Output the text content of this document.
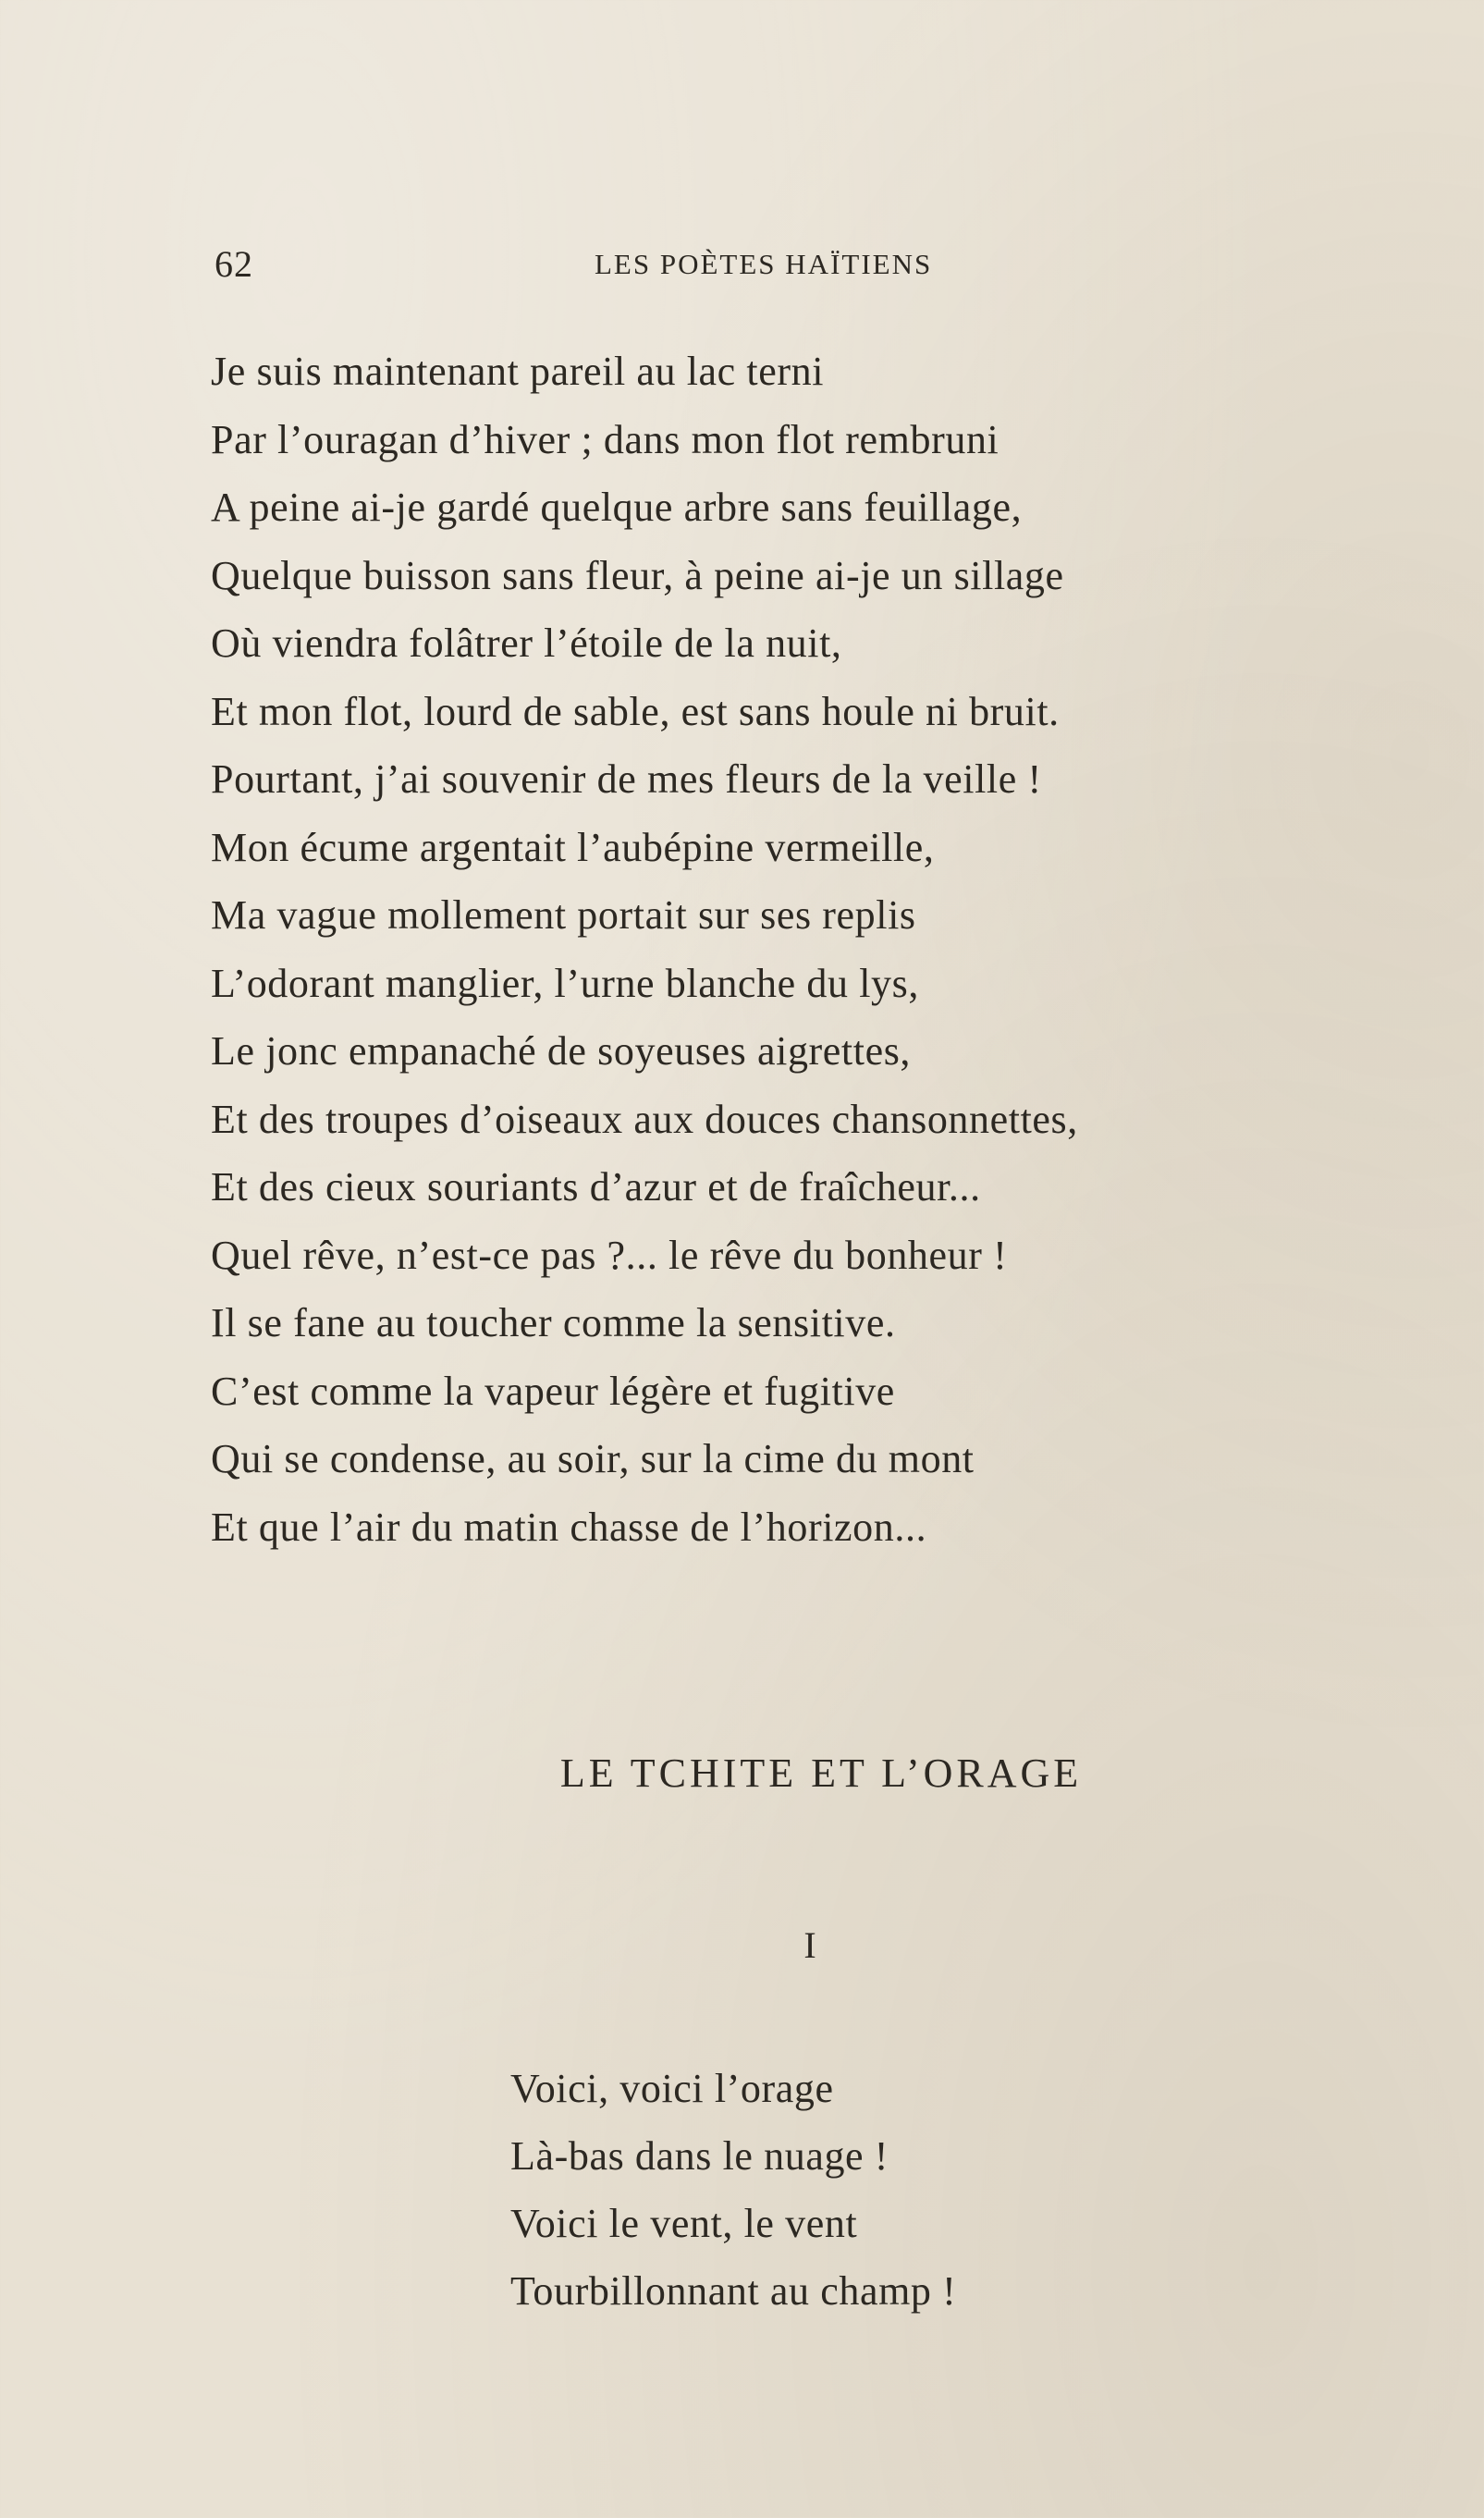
62	LES POÈTES HAÏTIENS
Je suis maintenant pareil au lac terni
Par l’ouragan d’hiver ; dans mon flot rembruni
A peine ai-je gardé quelque arbre sans feuillage,
Quelque buisson sans fleur, à peine ai-je un sillage
Où viendra folâtrer l’étoile de la nuit,
Et mon flot, lourd de sable, est sans houle ni bruit.
Pourtant, j’ai souvenir de mes fleurs de la veille !
Mon écume argentait l’aubépine vermeille,
Ma vague mollement portait sur ses replis
L’odorant manglier, l’urne blanche du lys,
Le jonc empanaché de soyeuses aigrettes,
Et des troupes d’oiseaux aux douces chansonnettes,
Et des cieux souriants d’azur et de fraîcheur...
Quel rêve, n’est-ce pas ?... le rêve du bonheur !
Il se fane au toucher comme la sensitive.
C’est comme la vapeur légère et fugitive
Qui se condense, au soir, sur la cime du mont
Et que l’air du matin chasse de l’horizon...
LE TCHITE ET L’ORAGE
I
Voici, voici l’orage
Là-bas dans le nuage !
Voici le vent, le vent
Tourbillonnant au champ !
